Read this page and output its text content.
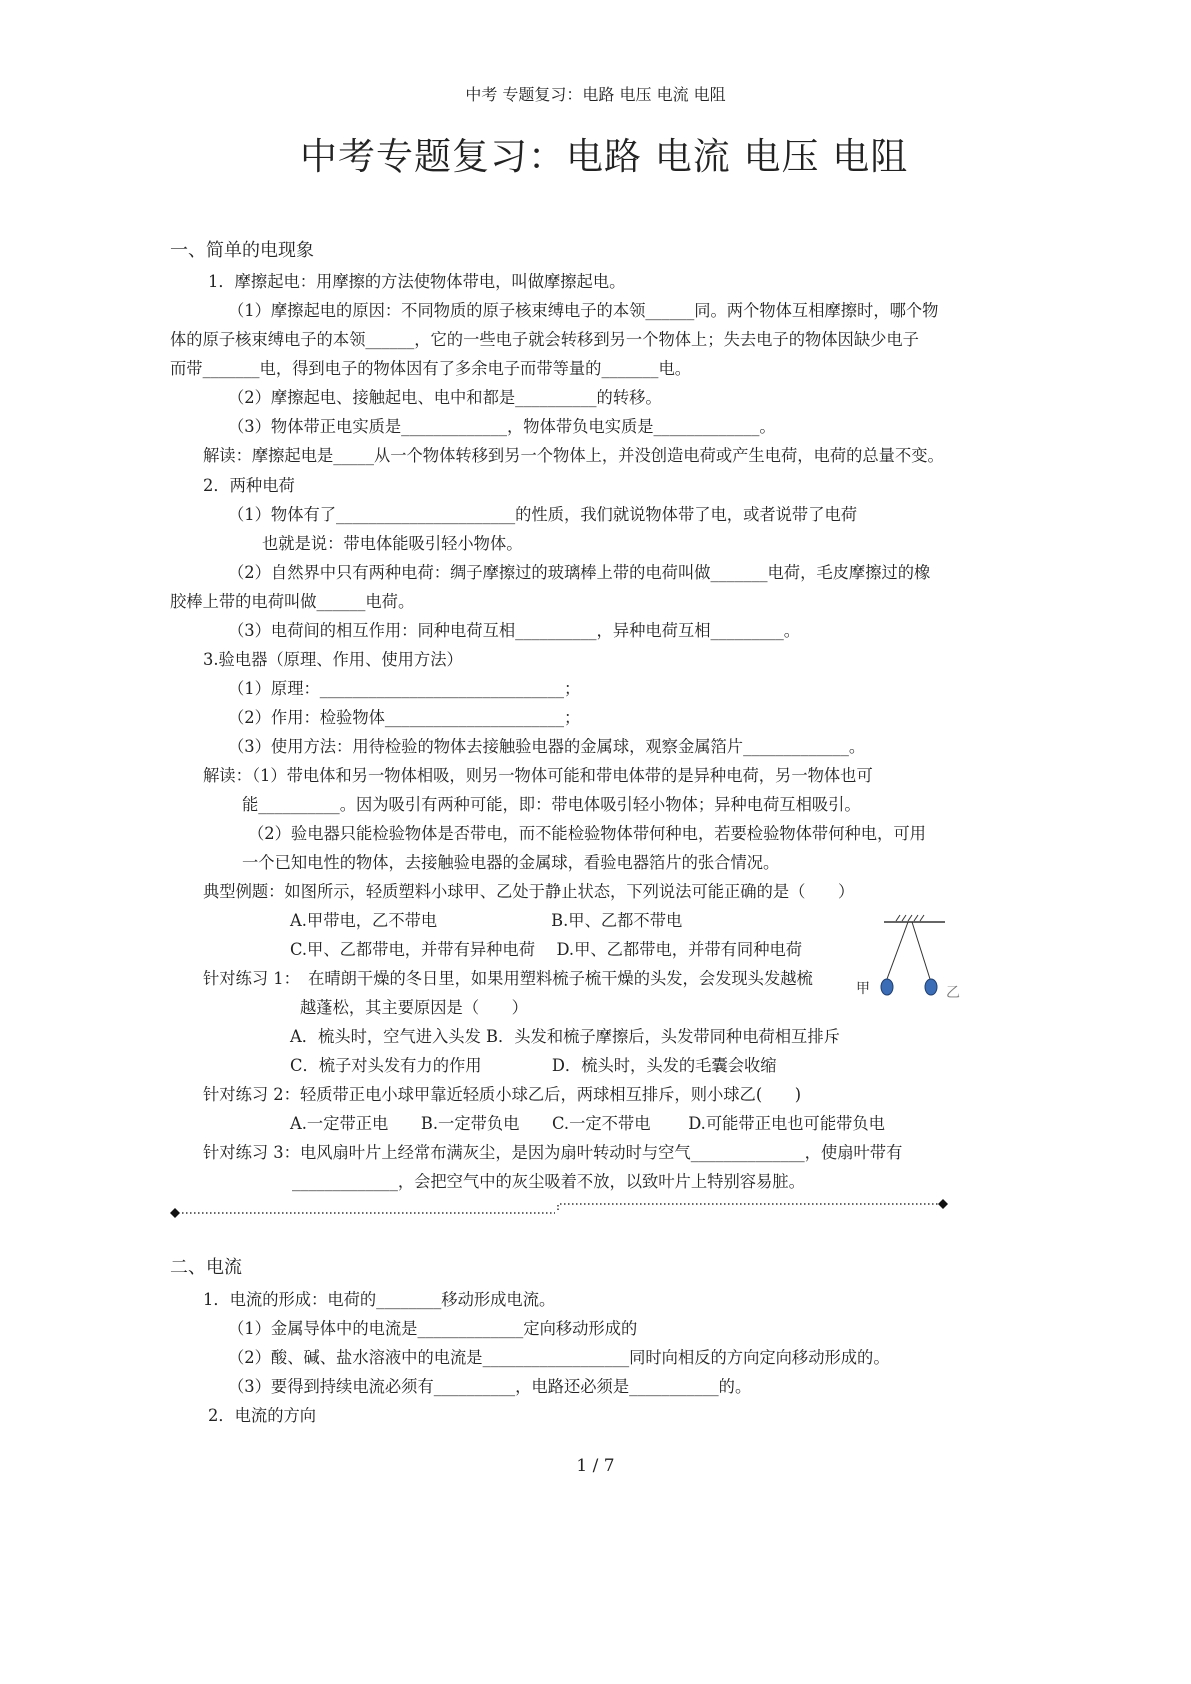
中考 专题复习：电路 电压 电流 电阻
中考专题复习：电路 电流 电压 电阻
一、简单的电现象
1．摩擦起电：用摩擦的方法使物体带电，叫做摩擦起电。
（1）摩擦起电的原因：不同物质的原子核束缚电子的本领______同。两个物体互相摩擦时，哪个物
体的原子核束缚电子的本领______，它的一些电子就会转移到另一个物体上；失去电子的物体因缺少电子
而带_______电，得到电子的物体因有了多余电子而带等量的_______电。
（2）摩擦起电、接触起电、电中和都是__________的转移。
（3）物体带正电实质是_____________，物体带负电实质是_____________。
解读：摩擦起电是_____从一个物体转移到另一个物体上，并没创造电荷或产生电荷，电荷的总量不变。
2．两种电荷
（1）物体有了______________________的性质，我们就说物体带了电，或者说带了电荷
也就是说：带电体能吸引轻小物体。
（2）自然界中只有两种电荷：绸子摩擦过的玻璃棒上带的电荷叫做_______电荷，毛皮摩擦过的橡
胶棒上带的电荷叫做______电荷。
（3）电荷间的相互作用：同种电荷互相__________，异种电荷互相_________。
3.验电器（原理、作用、使用方法）
（1）原理：______________________________；
（2）作用：检验物体______________________；
（3）使用方法：用待检验的物体去接触验电器的金属球，观察金属箔片_____________。
解读：（1）带电体和另一物体相吸，则另一物体可能和带电体带的是异种电荷，另一物体也可
能__________。因为吸引有两种可能，即：带电体吸引轻小物体；异种电荷互相吸引。
（2）验电器只能检验物体是否带电，而不能检验物体带何种电，若要检验物体带何种电，可用
一个已知电性的物体，去接触验电器的金属球，看验电器箔片的张合情况。
典型例题：如图所示，轻质塑料小球甲、乙处于静止状态，下列说法可能正确的是（　　）
A.甲带电，乙不带电　　　　　　　B.甲、乙都不带电
C.甲、乙都带电，并带有异种电荷　 D.甲、乙都带电，并带有同种电荷
针对练习 1：　在晴朗干燥的冬日里，如果用塑料梳子梳干燥的头发，会发现头发越梳
越蓬松，其主要原因是（　　）
A．梳头时，空气进入头发 B．头发和梳子摩擦后，头发带同种电荷相互排斥
C．梳子对头发有力的作用　　　　 D．梳头时，头发的毛囊会收缩
针对练习 2：轻质带正电小球甲靠近轻质小球乙后，两球相互排斥，则小球乙(　　)
A.一定带正电　　B.一定带负电　　C.一定不带电　　 D.可能带正电也可能带负电
针对练习 3：电风扇叶片上经常布满灰尘，是因为扇叶转动时与空气______________，使扇叶带有
_____________，会把空气中的灰尘吸着不放，以致叶片上特别容易脏。
二、电流
1．电流的形成：电荷的________移动形成电流。
（1）金属导体中的电流是_____________定向移动形成的
（2）酸、碱、盐水溶液中的电流是__________________同时向相反的方向定向移动形成的。
（3）要得到持续电流必须有__________，电路还必须是___________的。
2．电流的方向
甲	乙
1 / 7
